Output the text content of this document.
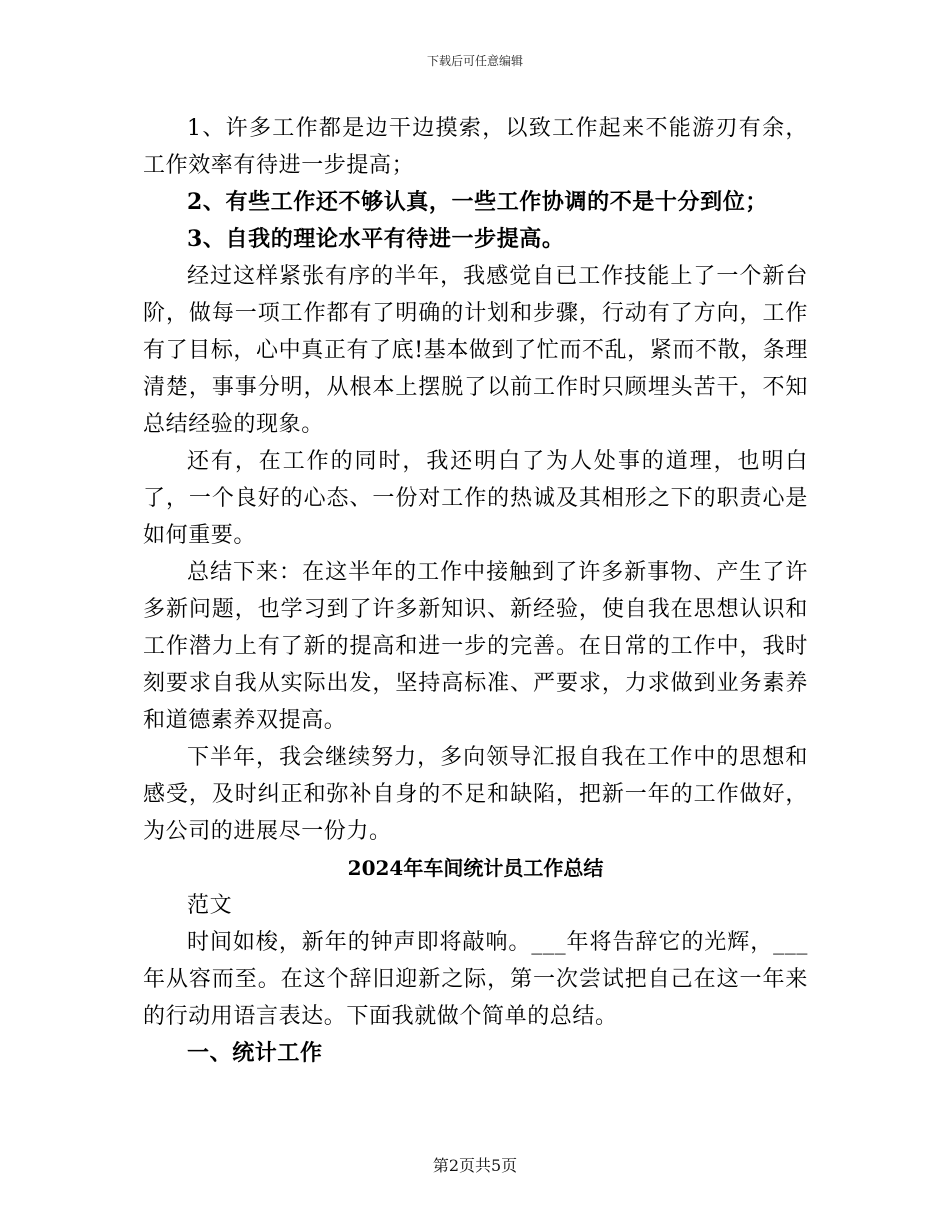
下载后可任意编辑

1、许多工作都是边干边摸索，以致工作起来不能游刃有余，工作效率有待进一步提高；

2、有些工作还不够认真，一些工作协调的不是十分到位；

3、自我的理论水平有待进一步提高。

经过这样紧张有序的半年，我感觉自已工作技能上了一个新台阶，做每一项工作都有了明确的计划和步骤，行动有了方向，工作有了目标，心中真正有了底!基本做到了忙而不乱，紧而不散，条理清楚，事事分明，从根本上摆脱了以前工作时只顾埋头苦干，不知总结经验的现象。

还有，在工作的同时，我还明白了为人处事的道理，也明白了，一个良好的心态、一份对工作的热诚及其相形之下的职责心是如何重要。

总结下来：在这半年的工作中接触到了许多新事物、产生了许多新问题，也学习到了许多新知识、新经验，使自我在思想认识和工作潜力上有了新的提高和进一步的完善。在日常的工作中，我时刻要求自我从实际出发，坚持高标准、严要求，力求做到业务素养和道德素养双提高。

下半年，我会继续努力，多向领导汇报自我在工作中的思想和感受，及时纠正和弥补自身的不足和缺陷，把新一年的工作做好，为公司的进展尽一份力。

2024年车间统计员工作总结

范文

时间如梭，新年的钟声即将敲响。___年将告辞它的光辉，___年从容而至。在这个辞旧迎新之际，第一次尝试把自己在这一年来的行动用语言表达。下面我就做个简单的总结。

一、统计工作

第2页共5页
